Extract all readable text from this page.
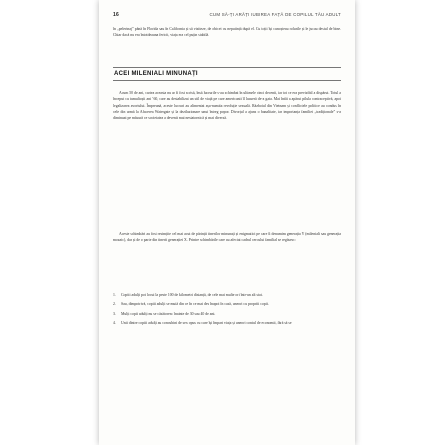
16	CUM SĂ-ȚI ARĂȚI IUBIREA FAȚĂ DE COPILUL TĂU ADULT

în „pelerinaj” până în Florida sau în California și să viziteze, de obicei cu neputință după el. Cu toții își cunoșteau rolurile și le jucau destul de bine. Chiar dacă nu era întotdeauna fericit, viața era cel puțin stabilă.

ACEI MILENIALI MINUNAȚI

Acum 50 de ani, cartea aceasta nu ar fi fost scrisă, însă lucrurile s-au schimbat în ultimele cinci decenii, iar tot ce era previzibil a dispărut. Totul a început cu tumultoșii ani ’60, care au destabilizat un stil de viață pe care americanii îl luaseră de-a gata. Mai întâi a apărut pilula contraceptivă, apoi legalizarea avortului. Împreună, aceste lucruri au alimentat așa-numita revoluție sexuală. Războiul din Vietnam și conflictele politice au condus în cele din urmă la Afacerea Watergate și la deziluzionare unui întreg popor. Divorțul a ajuns o banalitate, iar importanța familiei „tradiționale” s-a diminuat pe măsură ce societatea a devenit mai nestatornică și mai diversă.

Aceste schimbări au fost resimțite cel mai acut de părinții tinerilor minunați și enigmatici pe care îi denumim generația Y (mileniali sau generația mozaic), dar și de o parte din tinerii generației X. Printre schimbările care au afectat cadrul cercului familial se regăsesc:

1. Copiii adulți pot locui la peste 100 de kilometri distanță, de cele mai multe ori într-un alt stat.
2. Sau, dimpotrivă, copiii adulți se mută din ce în ce mai des înapoi în casă, uneori cu propriii copii.
3. Mulți copii adulți nu se căsătoresc înainte de 30 sau 40 de ani.
4. Unii dintre copiii adulți au concubini de sex opus cu care își împart viața și uneori contul de economii, fără să se
